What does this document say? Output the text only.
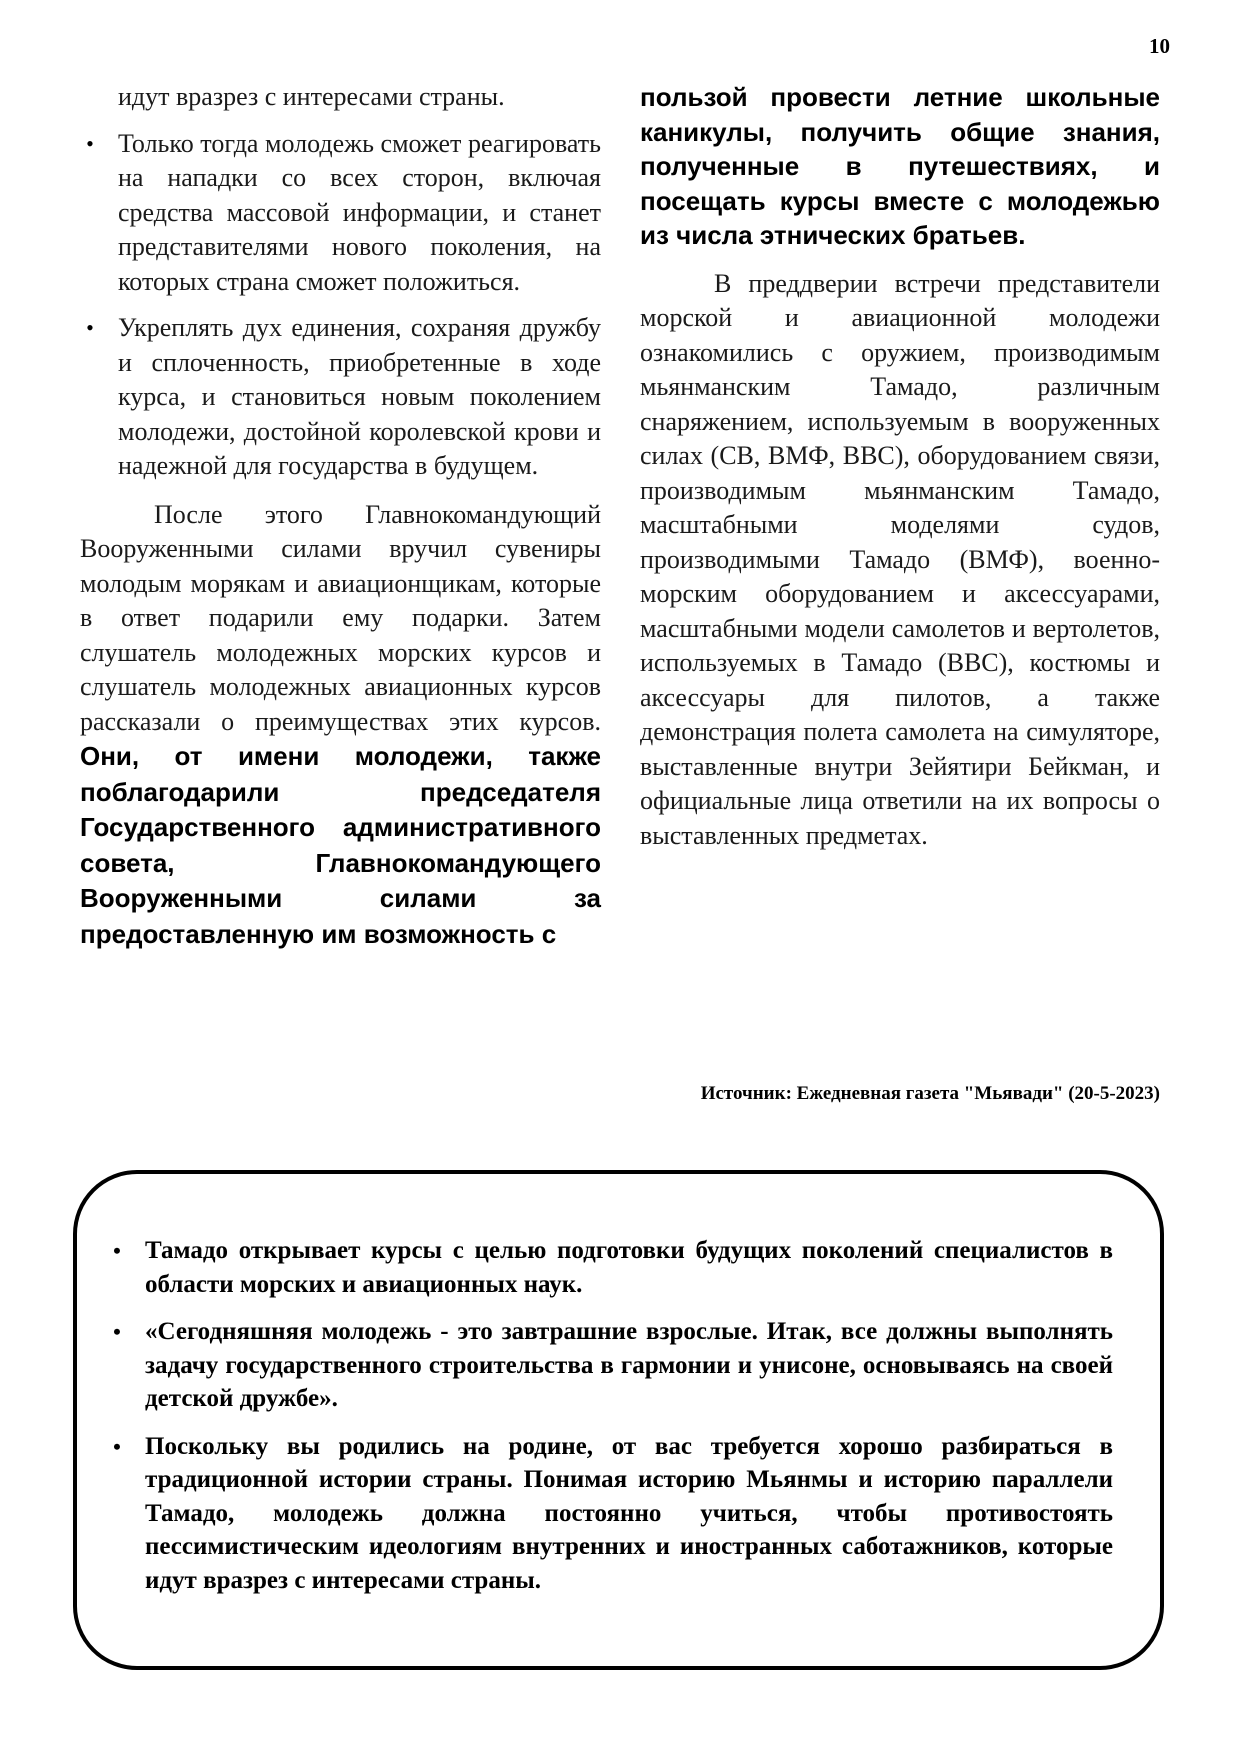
10

идут вразрез с интересами страны.

• Только тогда молодежь сможет реагировать на нападки со всех сторон, включая средства массовой информации, и станет представителями нового поколения, на которых страна сможет положиться.
• Укреплять дух единения, сохраняя дружбу и сплоченность, приобретенные в ходе курса, и становиться новым поколением молодежи, достойной королевской крови и надежной для государства в будущем.

После этого Главнокомандующий Вооруженными силами вручил сувениры молодым морякам и авиационщикам, которые в ответ подарили ему подарки. Затем слушатель молодежных морских курсов и слушатель молодежных авиационных курсов рассказали о преимуществах этих курсов. Они, от имени молодежи, также поблагодарили председателя Государственного административного совета, Главнокомандующего Вооруженными силами за предоставленную им возможность с

пользой провести летние школьные каникулы, получить общие знания, полученные в путешествиях, и посещать курсы вместе с молодежью из числа этнических братьев.

В преддверии встречи представители морской и авиационной молодежи ознакомились с оружием, производимым мьянманским Тамадо, различным снаряжением, используемым в вооруженных силах (СВ, ВМФ, ВВС), оборудованием связи, производимым мьянманским Тамадо, масштабными моделями судов, производимыми Тамадо (ВМФ), военно-морским оборудованием и аксессуарами, масштабными модели самолетов и вертолетов, используемых в Тамадо (ВВС), костюмы и аксессуары для пилотов, а также демонстрация полета самолета на симуляторе, выставленные внутри Зейятири Бейкман, и официальные лица ответили на их вопросы о выставленных предметах.

Источник: Ежедневная газета "Мьявади" (20-5-2023)
• Тамадо открывает курсы с целью подготовки будущих поколений специалистов в области морских и авиационных наук.
• «Сегодняшняя молодежь - это завтрашние взрослые. Итак, все должны выполнять задачу государственного строительства в гармонии и унисоне, основываясь на своей детской дружбе».
• Поскольку вы родились на родине, от вас требуется хорошо разбираться в традиционной истории страны. Понимая историю Мьянмы и историю параллели Тамадо, молодежь должна постоянно учиться, чтобы противостоять пессимистическим идеологиям внутренних и иностранных саботажников, которые идут вразрез с интересами страны.
